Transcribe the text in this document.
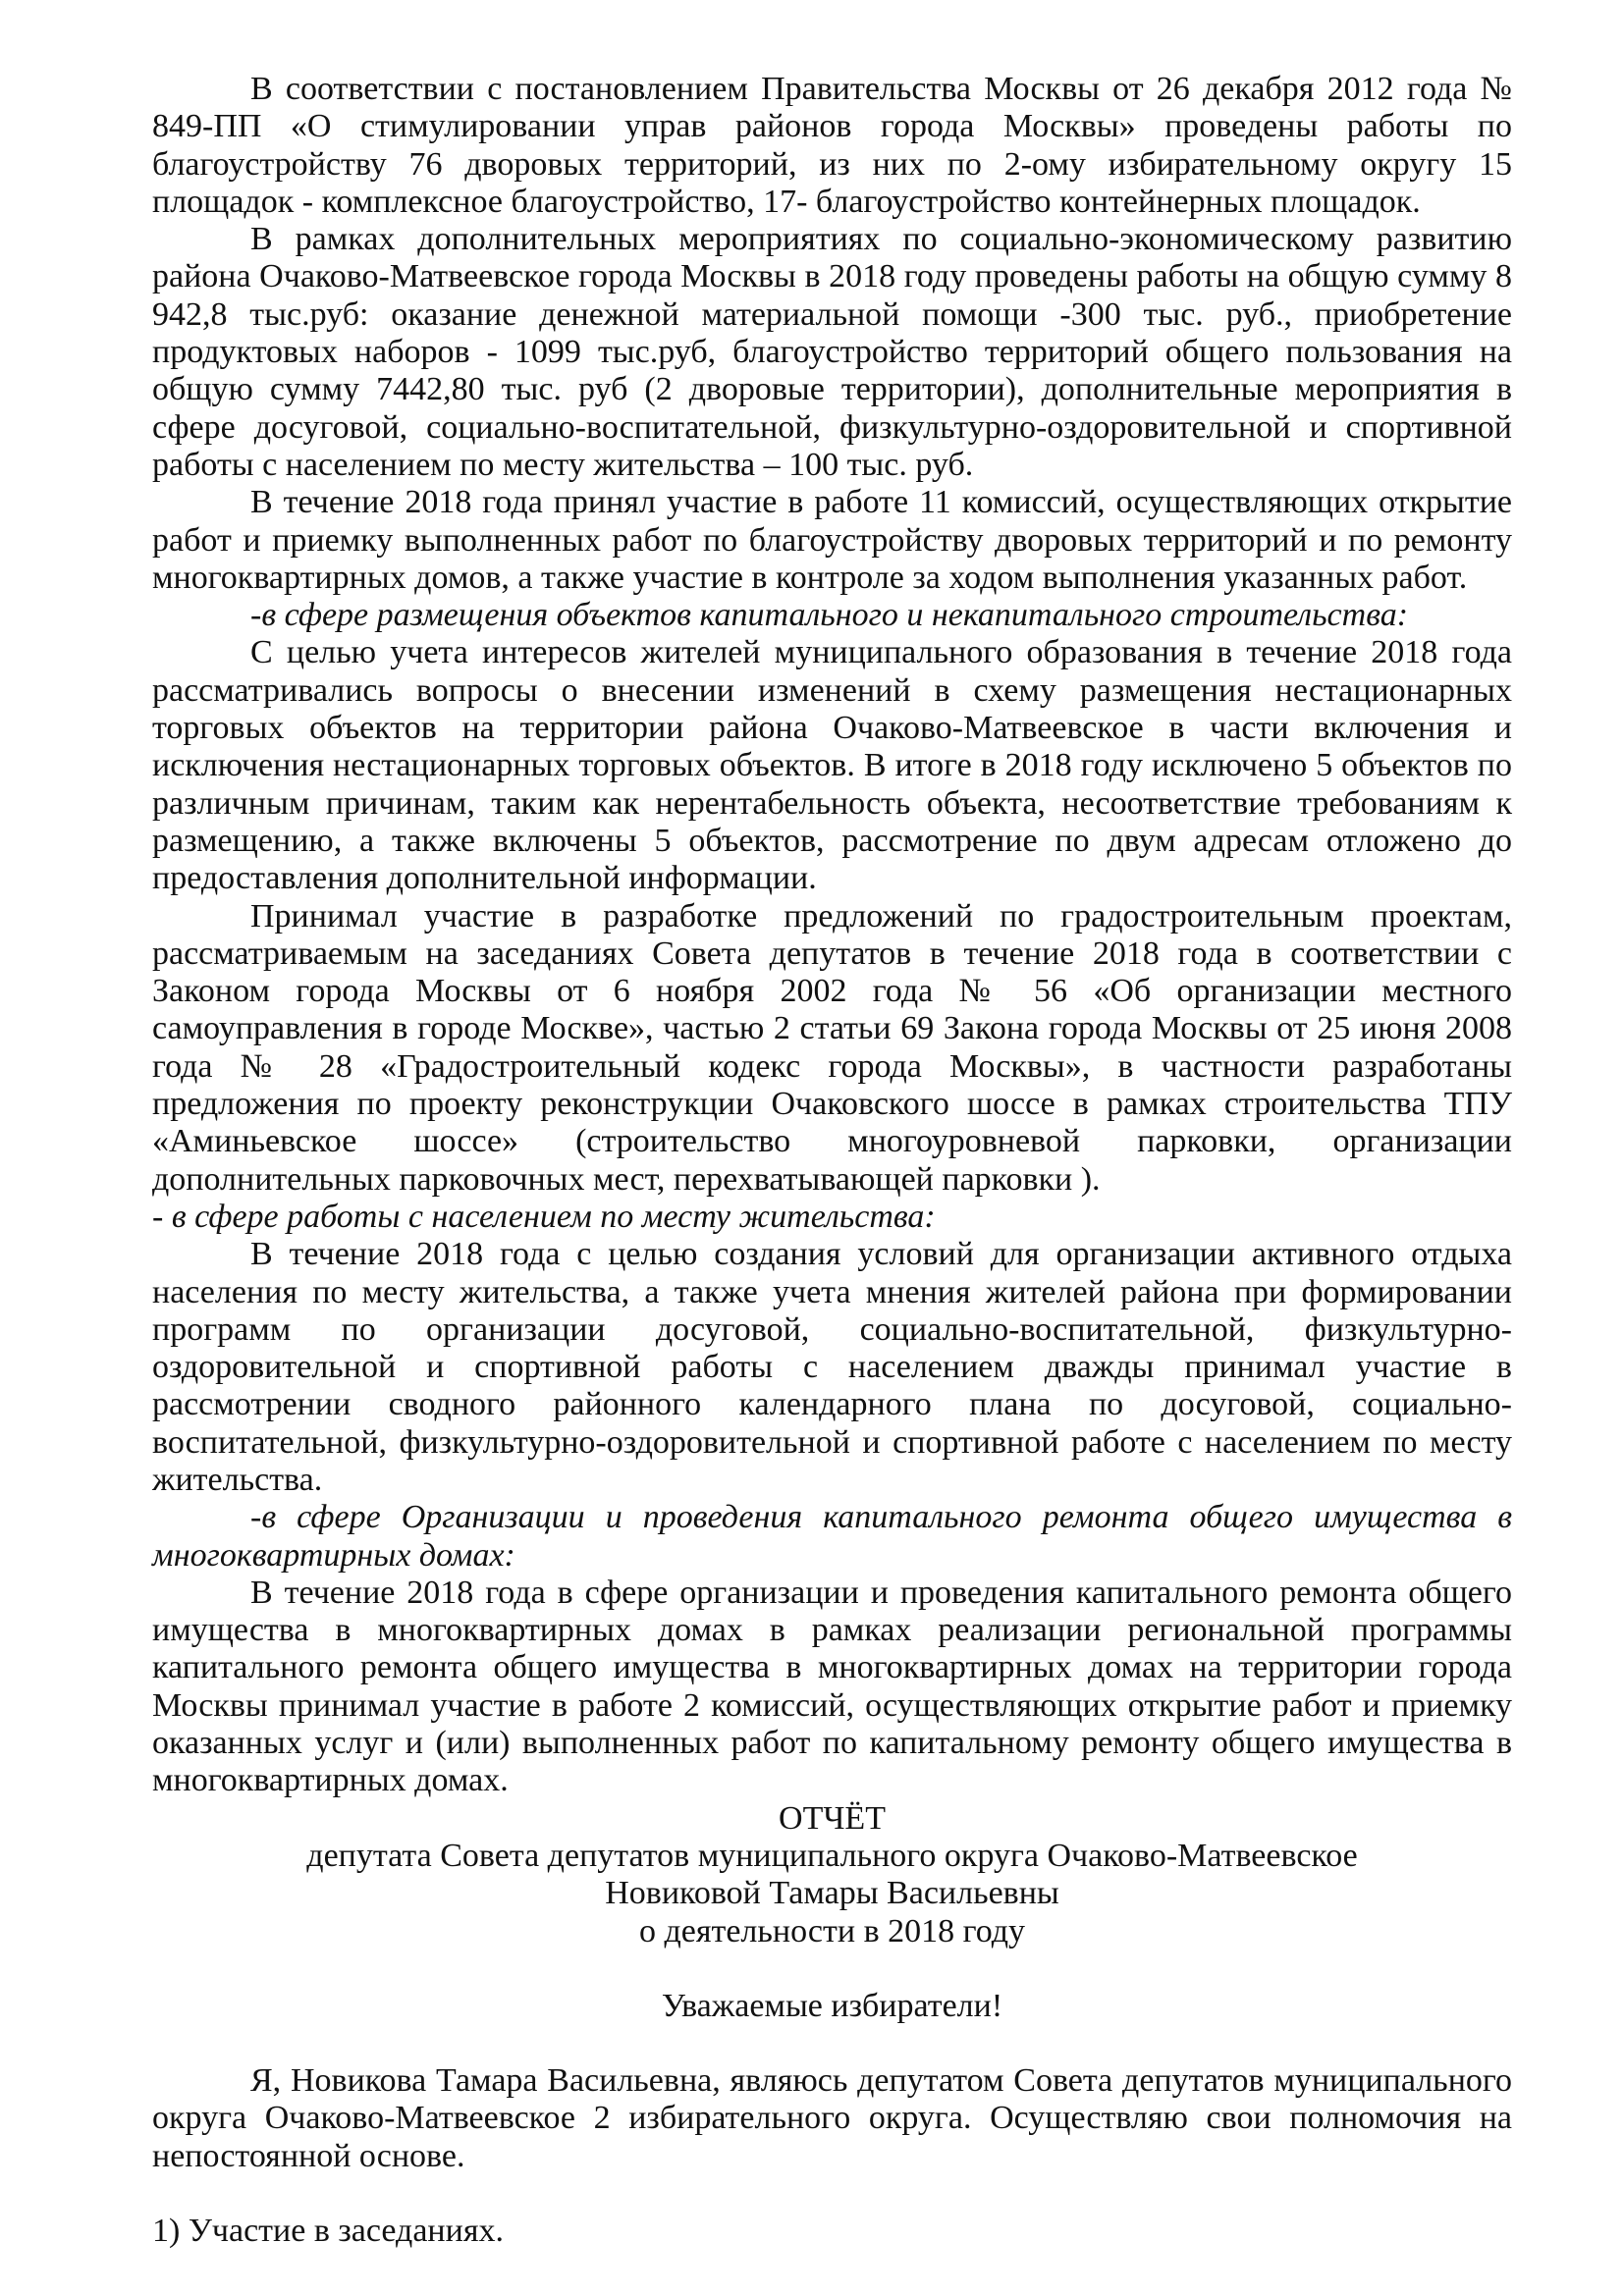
В соответствии с постановлением Правительства Москвы от 26 декабря 2012 года № 849-ПП «О стимулировании управ районов города Москвы» проведены работы по благоустройству 76 дворовых территорий, из них по 2-ому избирательному округу 15 площадок - комплексное благоустройство, 17- благоустройство контейнерных площадок.

В рамках дополнительных мероприятиях по социально-экономическому развитию района Очаково-Матвеевское города Москвы в 2018 году проведены работы на общую сумму 8 942,8 тыс.руб: оказание денежной материальной помощи -300 тыс. руб., приобретение продуктовых наборов - 1099 тыс.руб, благоустройство территорий общего пользования на общую сумму 7442,80 тыс. руб (2 дворовые территории), дополнительные мероприятия в сфере досуговой, социально-воспитательной, физкультурно-оздоровительной и спортивной работы с населением по месту жительства – 100 тыс. руб.

В течение 2018 года принял участие в работе 11 комиссий, осуществляющих открытие работ и приемку выполненных работ по благоустройству дворовых территорий и по ремонту многоквартирных домов, а также участие в контроле за ходом выполнения указанных работ.

-в сфере размещения объектов капитального и некапитального строительства:

С целью учета интересов жителей муниципального образования в течение 2018 года рассматривались вопросы о внесении изменений в схему размещения нестационарных торговых объектов на территории района Очаково-Матвеевское в части включения и исключения нестационарных торговых объектов. В итоге в 2018 году исключено 5 объектов по различным причинам, таким как нерентабельность объекта, несоответствие требованиям к размещению, а также включены 5 объектов, рассмотрение по двум адресам отложено до предоставления дополнительной информации.

Принимал участие в разработке предложений по градостроительным проектам, рассматриваемым на заседаниях Совета депутатов в течение 2018 года в соответствии с Законом города Москвы от 6 ноября 2002 года № 56 «Об организации местного самоуправления в городе Москве», частью 2 статьи 69 Закона города Москвы от 25 июня 2008 года № 28 «Градостроительный кодекс города Москвы», в частности разработаны предложения по проекту реконструкции Очаковского шоссе в рамках строительства ТПУ «Аминьевское шоссе» (строительство многоуровневой парковки, организации дополнительных парковочных мест, перехватывающей парковки ).

- в сфере работы с населением по месту жительства:

В течение 2018 года с целью создания условий для организации активного отдыха населения по месту жительства, а также учета мнения жителей района при формировании программ по организации досуговой, социально-воспитательной, физкультурно-оздоровительной и спортивной работы с населением дважды принимал участие в рассмотрении сводного районного календарного плана по досуговой, социально-воспитательной, физкультурно-оздоровительной и спортивной работе с населением по месту жительства.

-в сфере Организации и проведения капитального ремонта общего имущества в многоквартирных домах:

В течение 2018 года в сфере организации и проведения капитального ремонта общего имущества в многоквартирных домах в рамках реализации региональной программы капитального ремонта общего имущества в многоквартирных домах на территории города Москвы принимал участие в работе 2 комиссий, осуществляющих открытие работ и приемку оказанных услуг и (или) выполненных работ по капитальному ремонту общего имущества в многоквартирных домах.

ОТЧЁТ

депутата Совета депутатов муниципального округа Очаково-Матвеевское

Новиковой Тамары Васильевны

о деятельности в 2018 году

Уважаемые избиратели!

Я, Новикова Тамара Васильевна, являюсь депутатом Совета депутатов муниципального округа Очаково-Матвеевское 2 избирательного округа. Осуществляю свои полномочия на непостоянной основе.

1) Участие в заседаниях.
